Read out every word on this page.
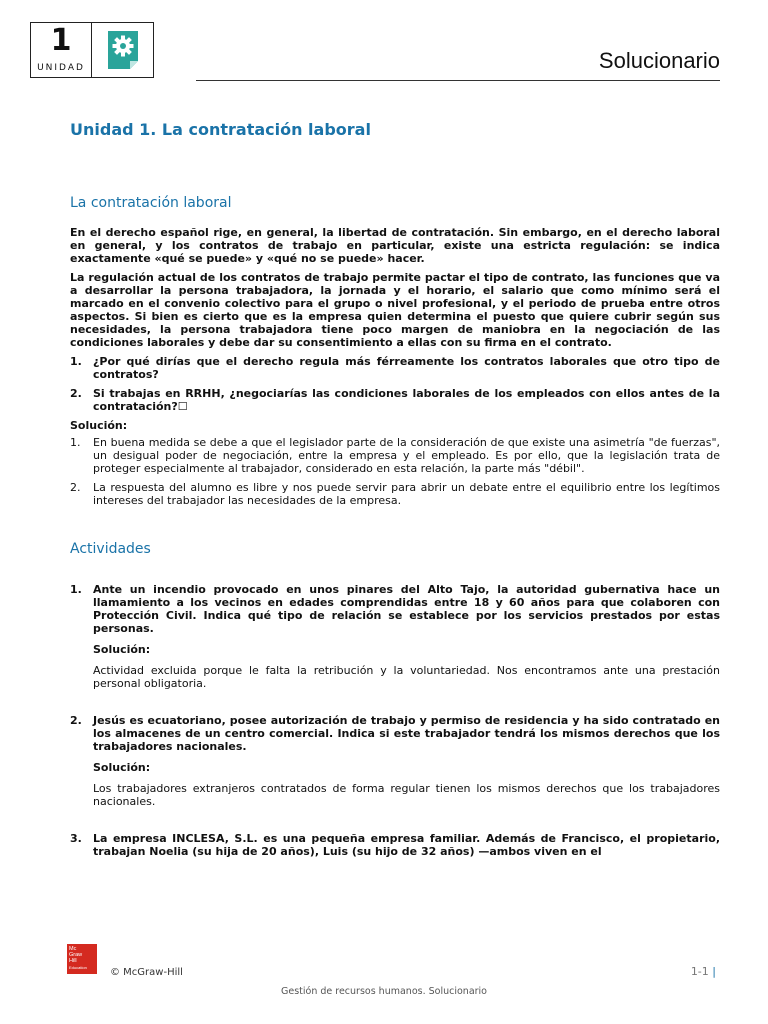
1
UNIDAD	Solucionario
Unidad 1. La contratación laboral
La contratación laboral

En el derecho español rige, en general, la libertad de contratación. Sin embargo, en el derecho laboral en general, y los contratos de trabajo en particular, existe una estricta regulación: se indica exactamente «qué se puede» y «qué no se puede» hacer.

La regulación actual de los contratos de trabajo permite pactar el tipo de contrato, las funciones que va a desarrollar la persona trabajadora, la jornada y el horario, el salario que como mínimo será el marcado en el convenio colectivo para el grupo o nivel profesional, y el periodo de prueba entre otros aspectos. Si bien es cierto que es la empresa quien determina el puesto que quiere cubrir según sus necesidades, la persona trabajadora tiene poco margen de maniobra en la negociación de las condiciones laborales y debe dar su consentimiento a ellas con su firma en el contrato.

1. ¿Por qué dirías que el derecho regula más férreamente los contratos laborales que otro tipo de contratos?

2. Si trabajas en RRHH, ¿negociarías las condiciones laborales de los empleados con ellos antes de la contratación?☐

Solución:

1. En buena medida se debe a que el legislador parte de la consideración de que existe una asimetría "de fuerzas", un desigual poder de negociación, entre la empresa y el empleado. Es por ello, que la legislación trata de proteger especialmente al trabajador, considerado en esta relación, la parte más "débil".

2. La respuesta del alumno es libre y nos puede servir para abrir un debate entre el equilibrio entre los legítimos intereses del trabajador las necesidades de la empresa.

Actividades
1. Ante un incendio provocado en unos pinares del Alto Tajo, la autoridad gubernativa hace un llamamiento a los vecinos en edades comprendidas entre 18 y 60 años para que colaboren con Protección Civil. Indica qué tipo de relación se establece por los servicios prestados por estas personas.

Solución:

Actividad excluida porque le falta la retribución y la voluntariedad. Nos encontramos ante una prestación personal obligatoria.

2. Jesús es ecuatoriano, posee autorización de trabajo y permiso de residencia y ha sido contratado en los almacenes de un centro comercial. Indica si este trabajador tendrá los mismos derechos que los trabajadores nacionales.

Solución:

Los trabajadores extranjeros contratados de forma regular tienen los mismos derechos que los trabajadores nacionales.

3. La empresa INCLESA, S.L. es una pequeña empresa familiar. Además de Francisco, el propietario, trabajan Noelia (su hija de 20 años), Luis (su hijo de 32 años) —ambos viven en el

Mc
Graw
Hill
Education © McGraw-Hill	1-1 |
Gestión de recursos humanos. Solucionario
